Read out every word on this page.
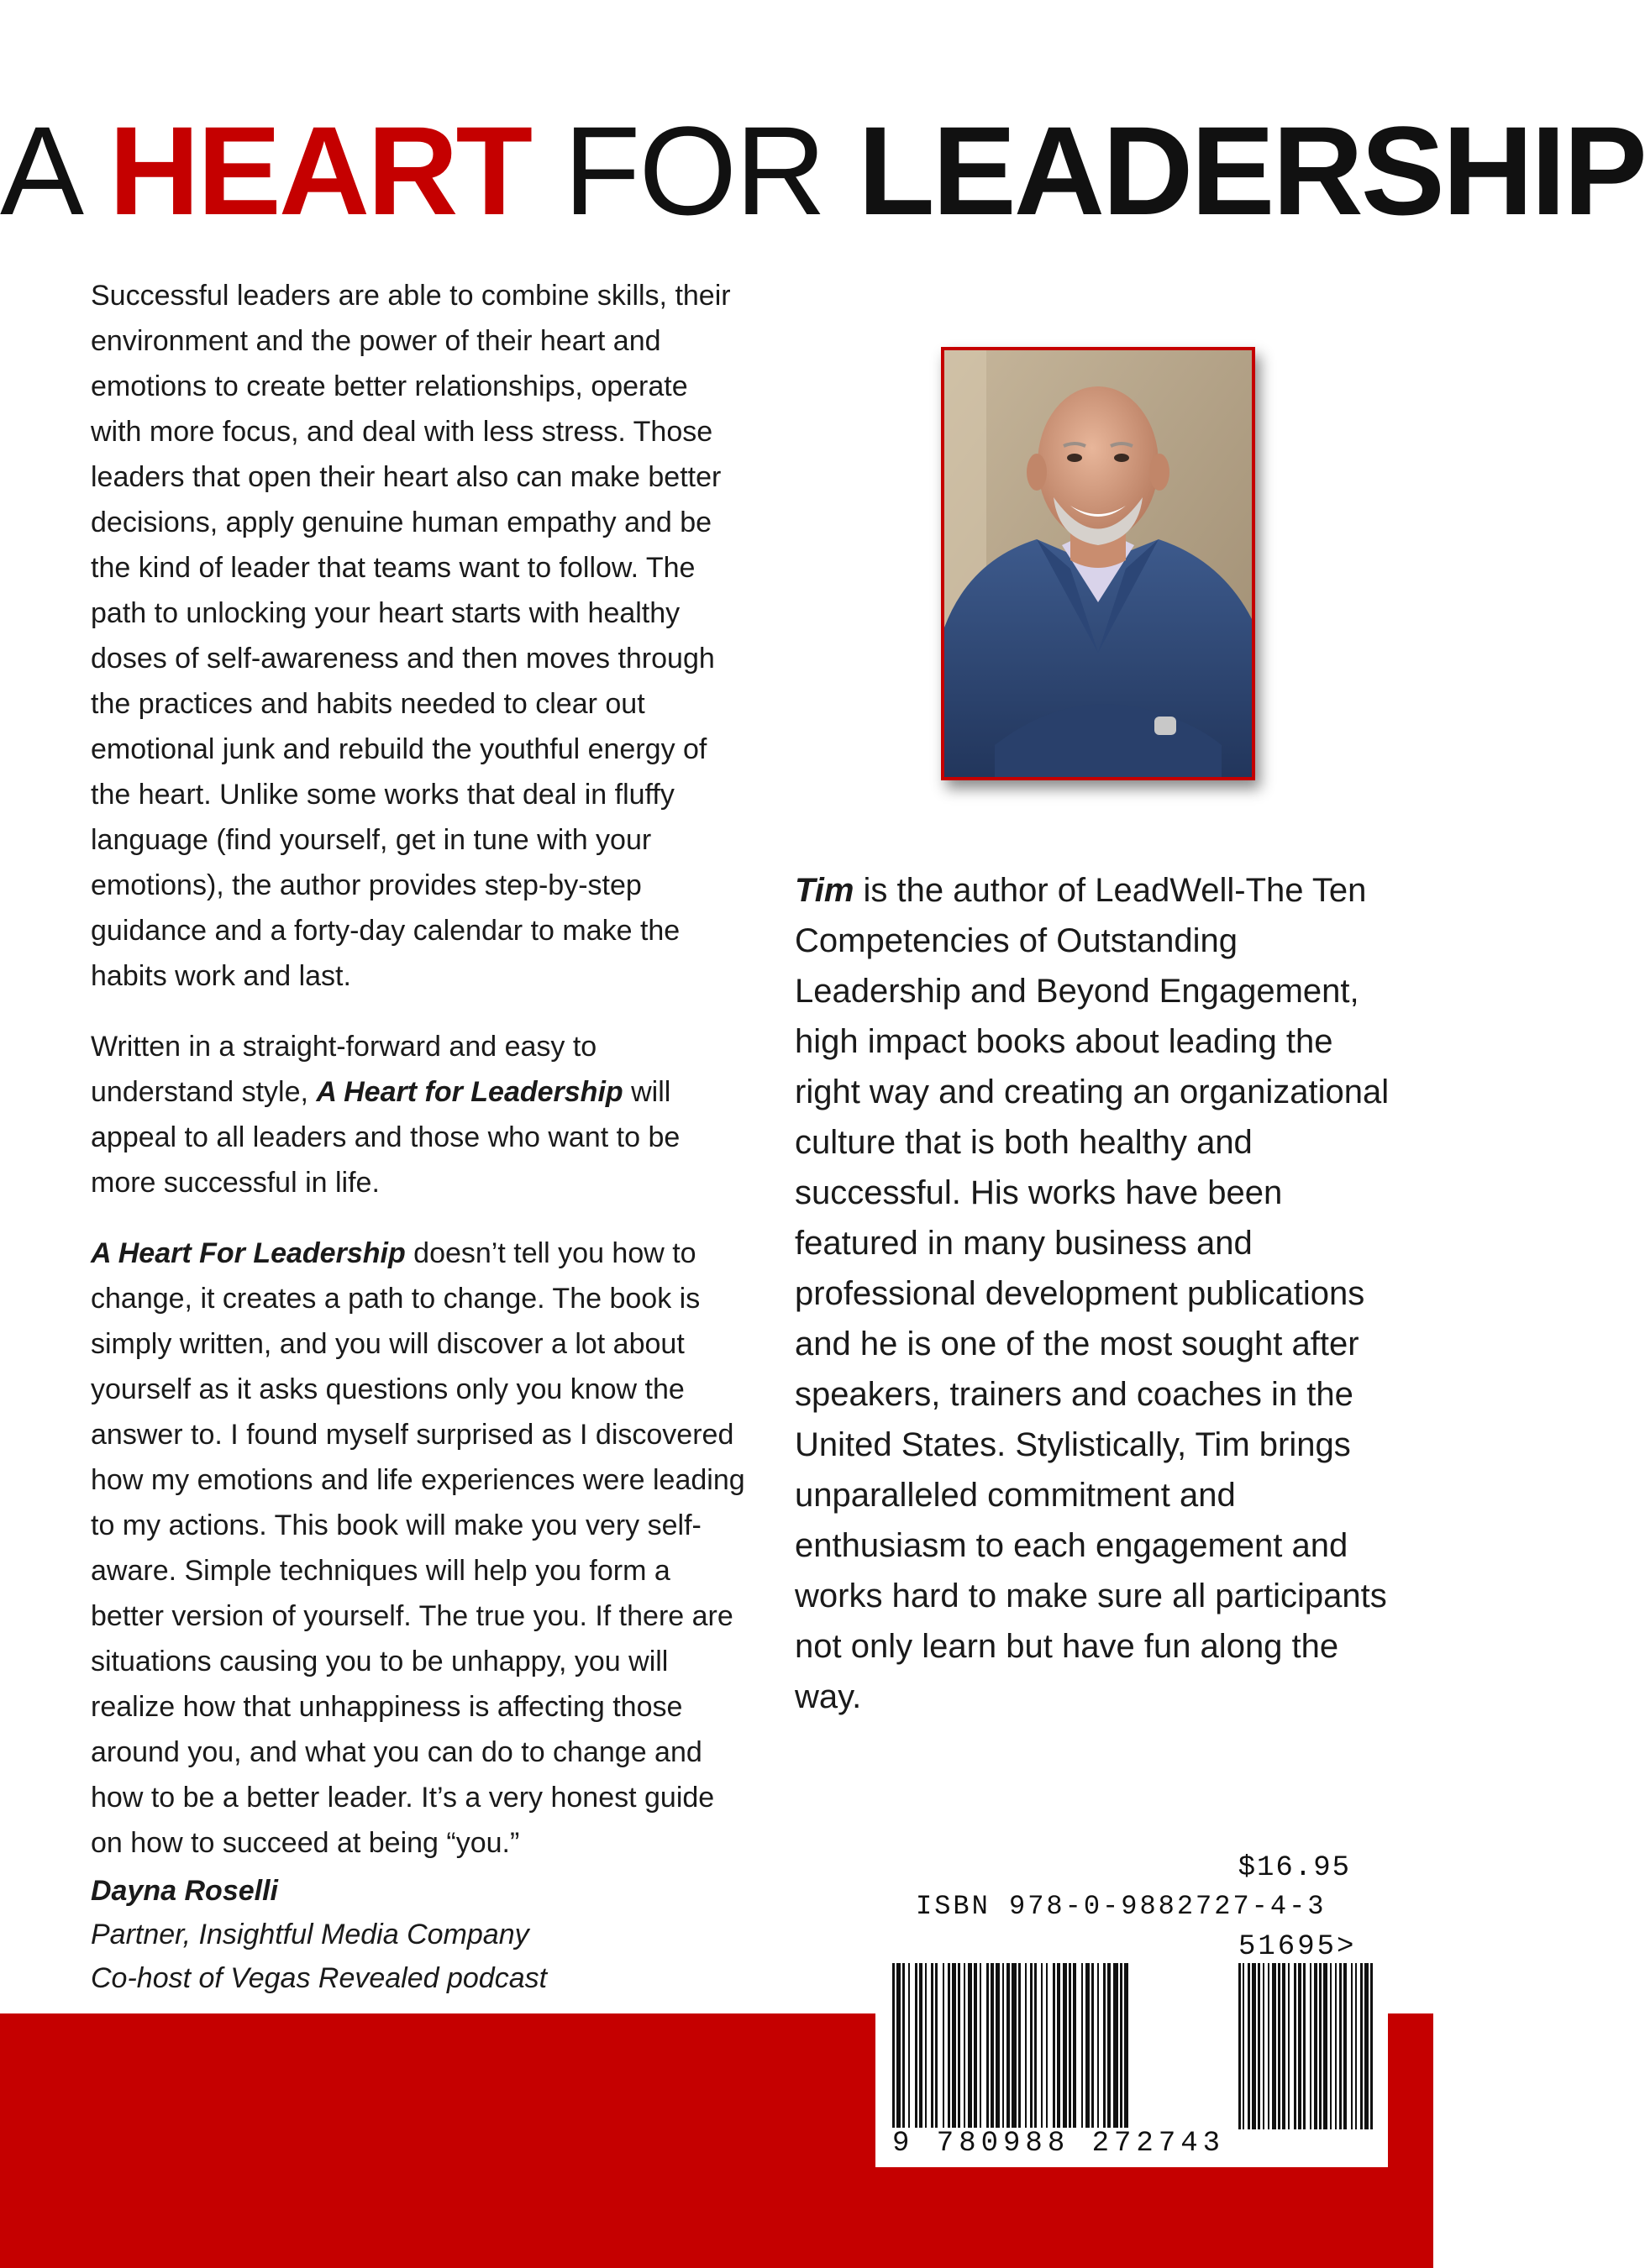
A HEART FOR LEADERSHIP

Successful leaders are able to combine skills, their environment and the power of their heart and emotions to create better relationships, operate with more focus, and deal with less stress. Those leaders that open their heart also can make better decisions, apply genuine human empathy and be the kind of leader that teams want to follow. The path to unlocking your heart starts with healthy doses of self-awareness and then moves through the practices and habits needed to clear out emotional junk and rebuild the youthful energy of the heart. Unlike some works that deal in fluffy language (find yourself, get in tune with your emotions), the author provides step-by-step guidance and a forty-day calendar to make the habits work and last.

Written in a straight-forward and easy to understand style, A Heart for Leadership will appeal to all leaders and those who want to be more successful in life.

A Heart For Leadership doesn’t tell you how to change, it creates a path to change. The book is simply written, and you will discover a lot about yourself as it asks questions only you know the answer to. I found myself surprised as I discovered how my emotions and life experiences were leading to my actions. This book will make you very self-aware. Simple techniques will help you form a better version of yourself. The true you. If there are situations causing you to be unhappy, you will realize how that unhappiness is affecting those around you, and what you can do to change and how to be a better leader. It’s a very honest guide on how to succeed at being “you.”

Dayna Roselli
Partner, Insightful Media Company
Co-host of Vegas Revealed podcast
Tim is the author of LeadWell-The Ten Competencies of Outstanding Leadership and Beyond Engagement, high impact books about leading the right way and creating an organizational culture that is both healthy and successful. His works have been featured in many business and professional development publications and he is one of the most sought after speakers, trainers and coaches in the United States. Stylistically, Tim brings unparalleled commitment and enthusiasm to each engagement and works hard to make sure all participants not only learn but have fun along the way.
$16.95
ISBN 978-0-9882727-4-3
51695>
9 780988 272743
